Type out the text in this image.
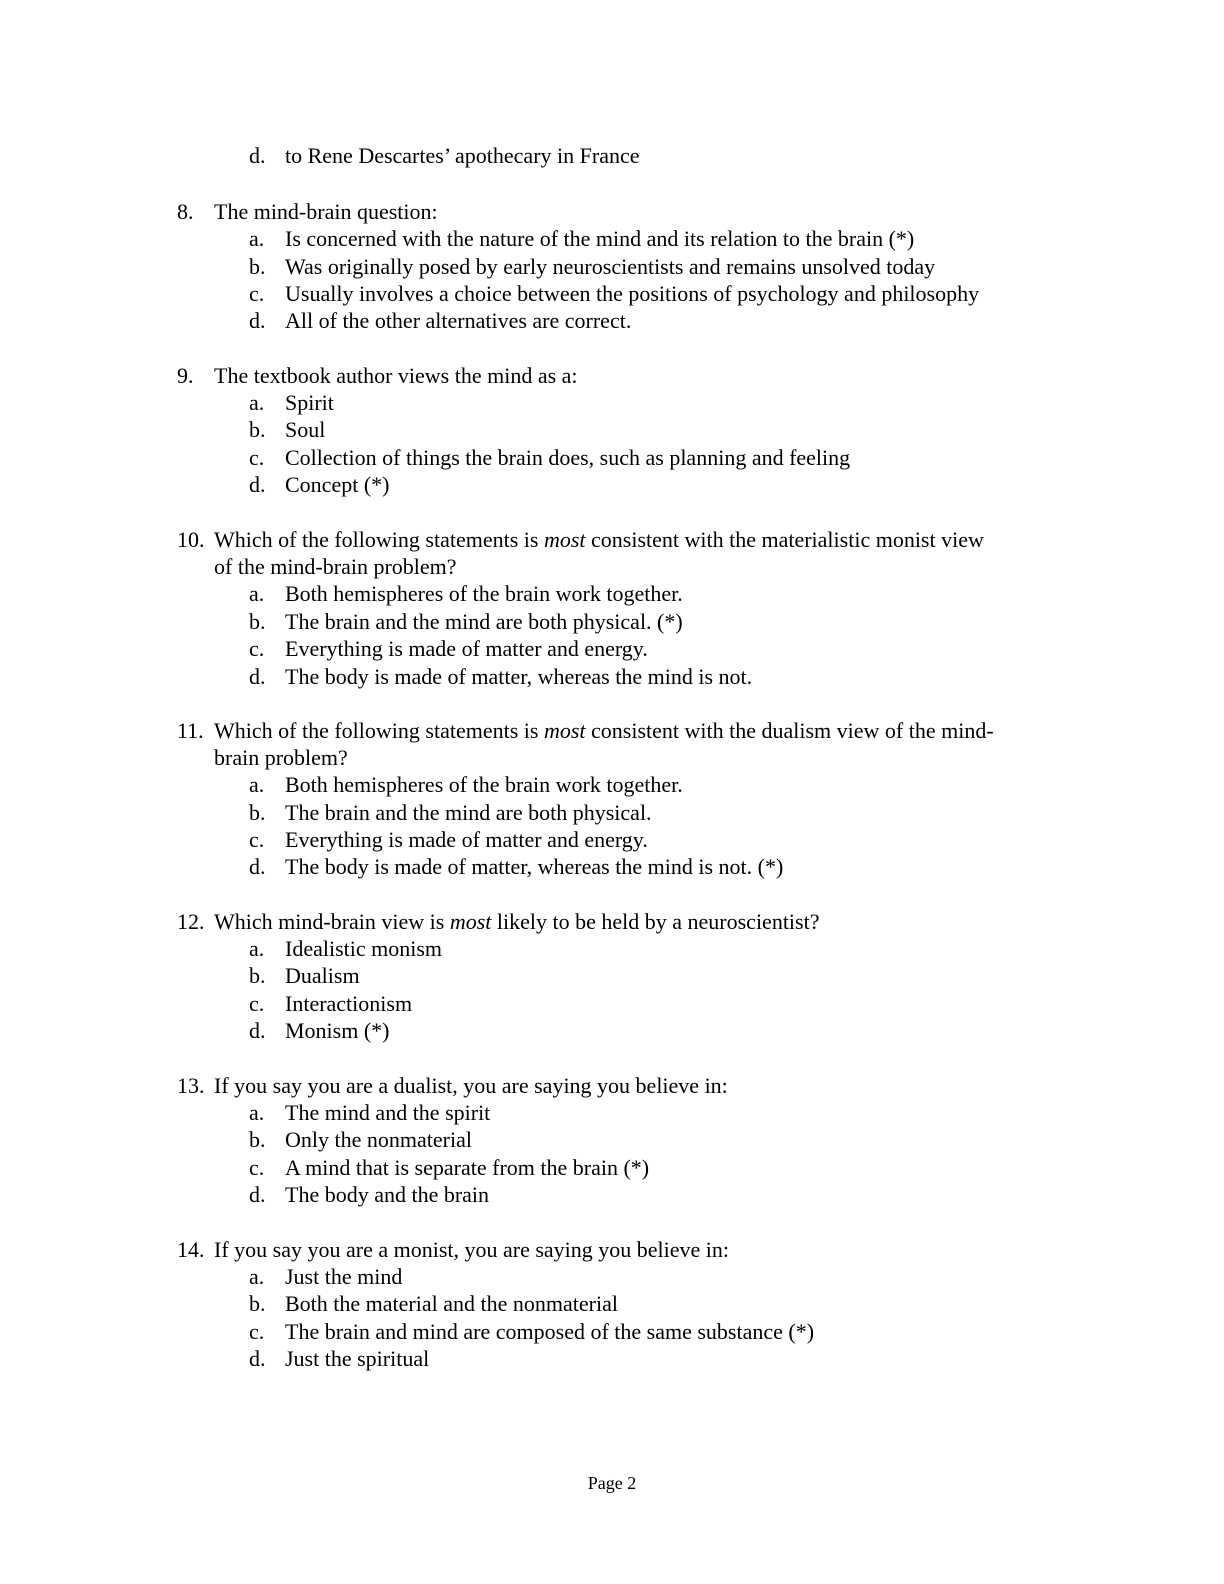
d. to Rene Descartes’ apothecary in France
8. The mind-brain question:
a. Is concerned with the nature of the mind and its relation to the brain (*)
b. Was originally posed by early neuroscientists and remains unsolved today
c. Usually involves a choice between the positions of psychology and philosophy
d. All of the other alternatives are correct.
9. The textbook author views the mind as a:
a. Spirit
b. Soul
c. Collection of things the brain does, such as planning and feeling
d. Concept (*)
10. Which of the following statements is most consistent with the materialistic monist view
of the mind-brain problem?
a. Both hemispheres of the brain work together.
b. The brain and the mind are both physical. (*)
c. Everything is made of matter and energy.
d. The body is made of matter, whereas the mind is not.
11. Which of the following statements is most consistent with the dualism view of the mind-
brain problem?
a. Both hemispheres of the brain work together.
b. The brain and the mind are both physical.
c. Everything is made of matter and energy.
d. The body is made of matter, whereas the mind is not. (*)
12. Which mind-brain view is most likely to be held by a neuroscientist?
a. Idealistic monism
b. Dualism
c. Interactionism
d. Monism (*)
13. If you say you are a dualist, you are saying you believe in:
a. The mind and the spirit
b. Only the nonmaterial
c. A mind that is separate from the brain (*)
d. The body and the brain
14. If you say you are a monist, you are saying you believe in:
a. Just the mind
b. Both the material and the nonmaterial
c. The brain and mind are composed of the same substance (*)
d. Just the spiritual
Page 2
